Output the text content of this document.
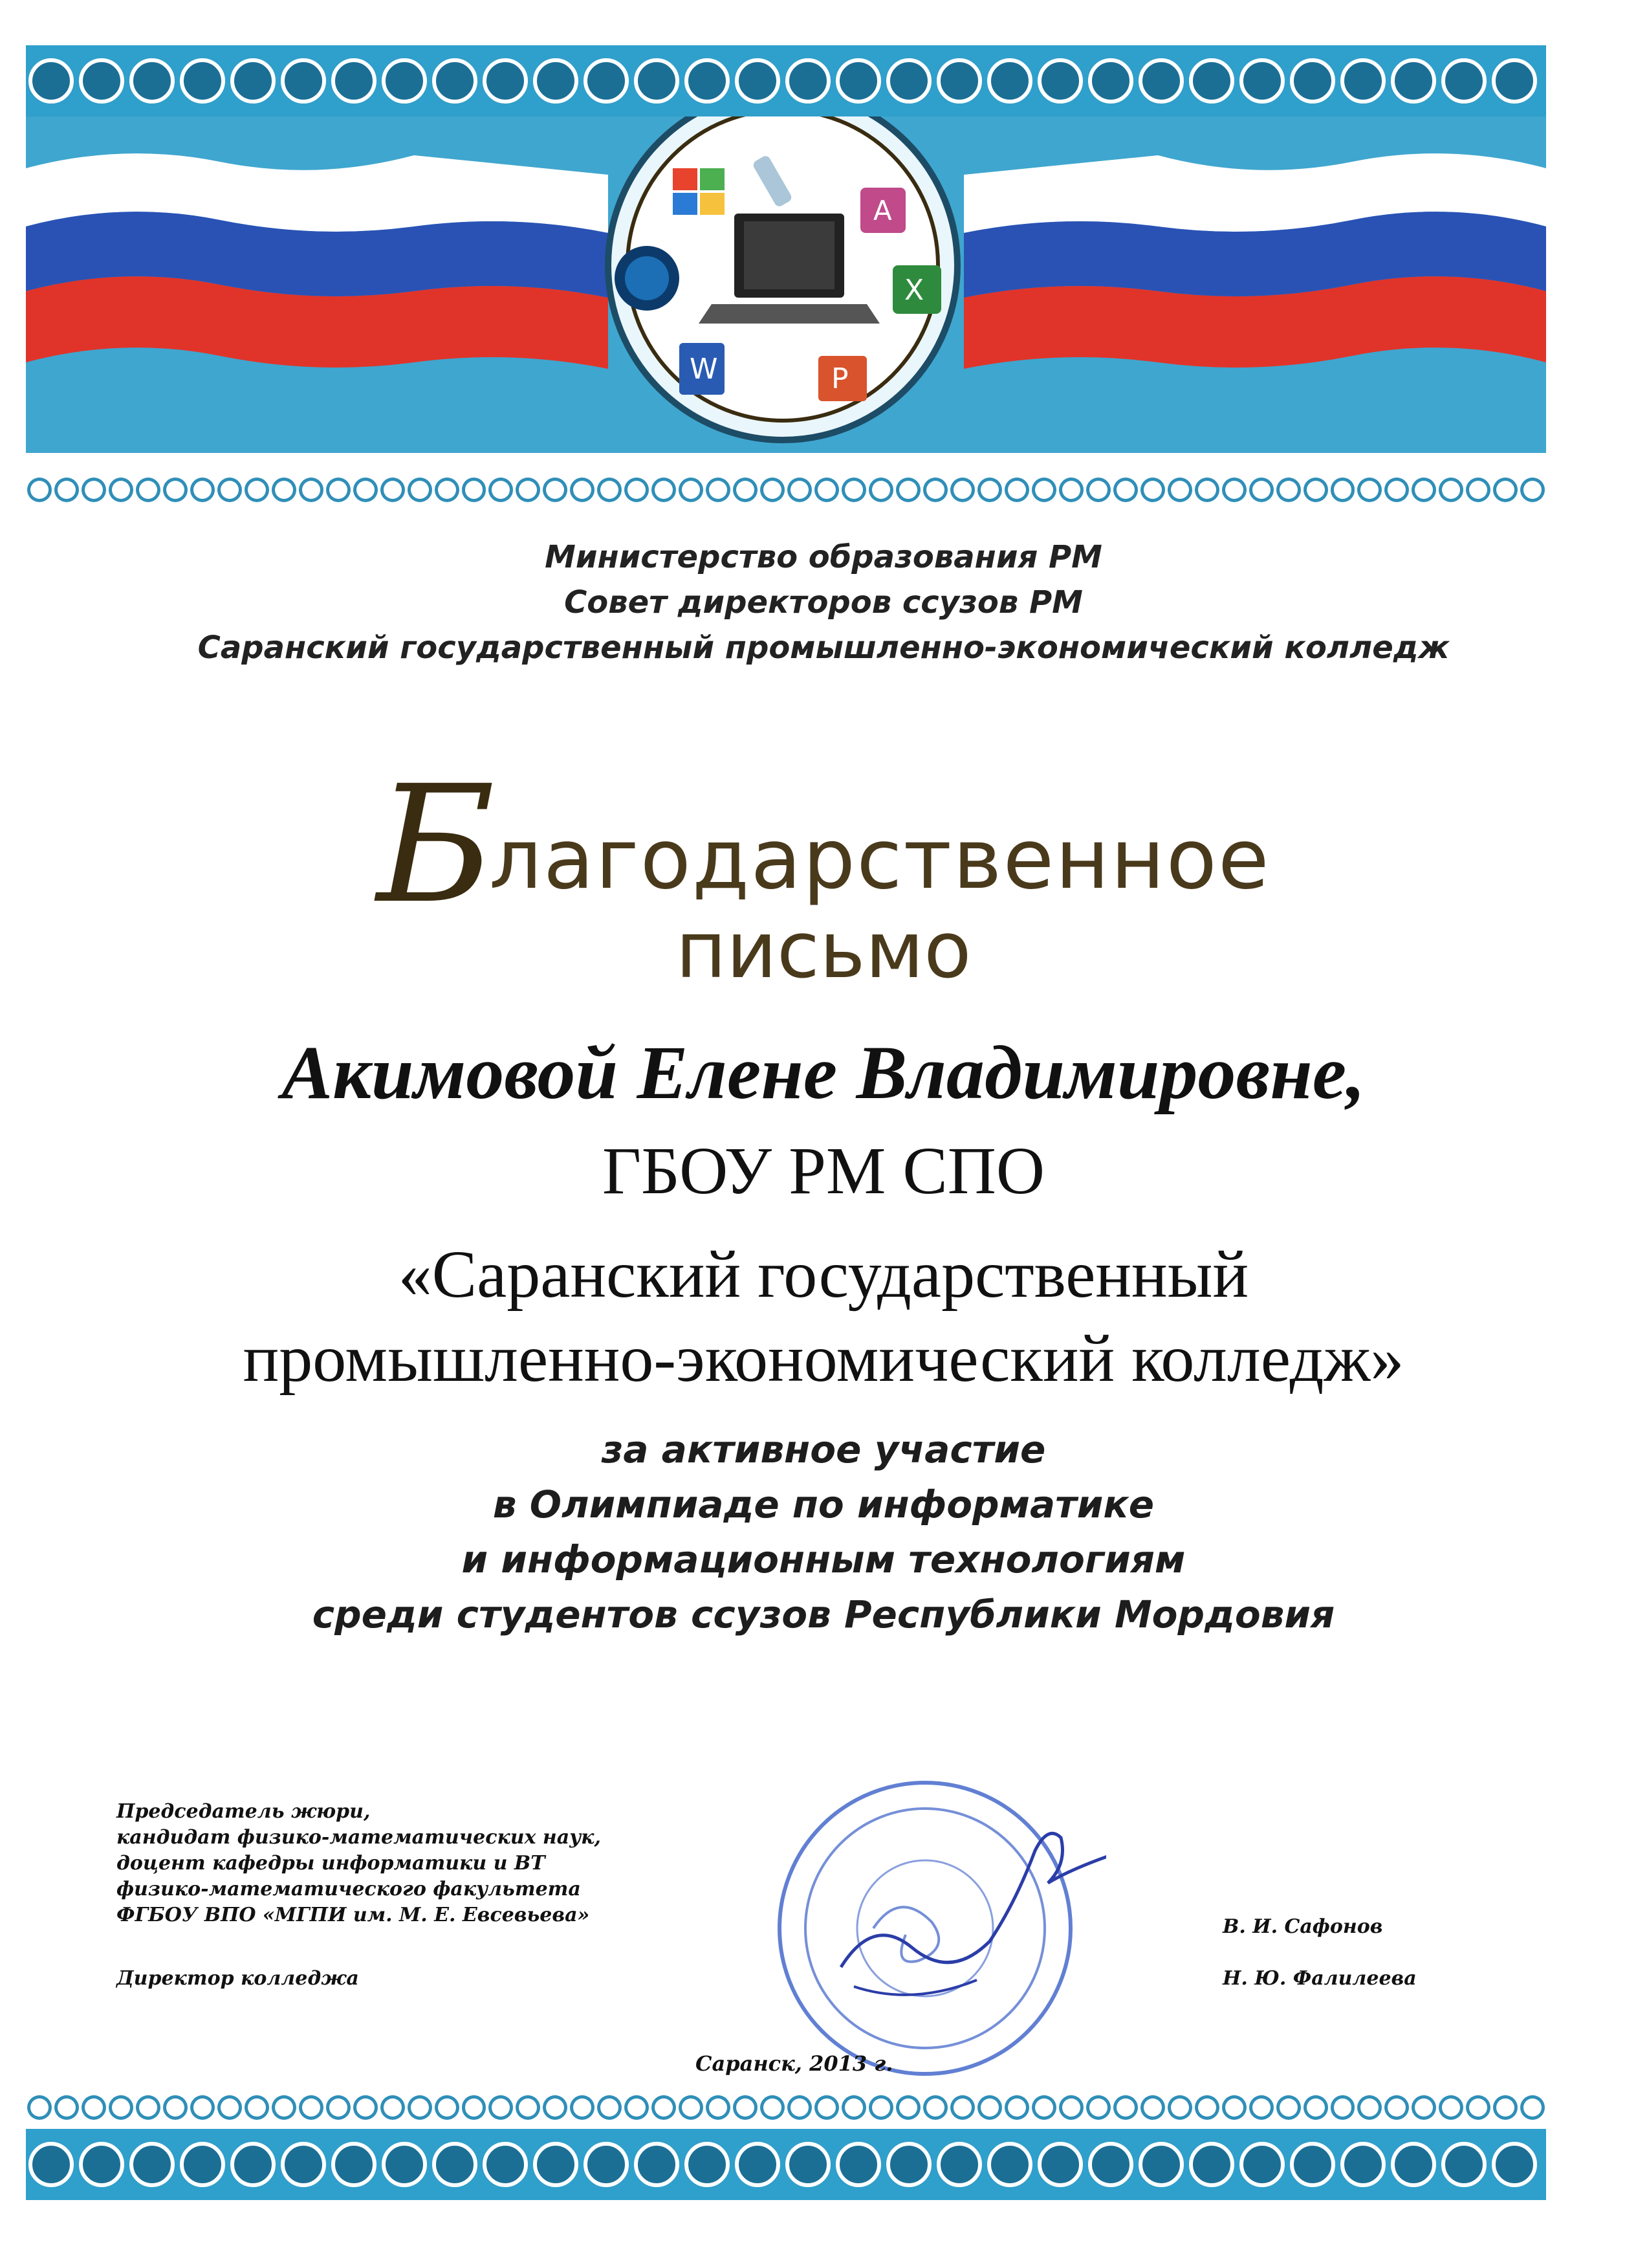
A
X
W	P
Министерство образования РМ
Совет директоров ссузов РМ
Саранский государственный промышленно-экономический колледж
Благодарственное
письмо
Акимовой Елене Владимировне,
ГБОУ РМ СПО
«Саранский государственный
промышленно-экономический колледж»
за активное участие
в Олимпиаде по информатике
и информационным технологиям
среди студентов ссузов Республики Мордовия
Председатель жюри,
кандидат физико-математических наук,
доцент кафедры информатики и ВТ
физико-математического факультета
ФГБОУ ВПО «МГПИ им. М. Е. Евсевьева»
Директор колледжа
В. И. Сафонов
Н. Ю. Фалилеева
Саранск, 2013 г.
